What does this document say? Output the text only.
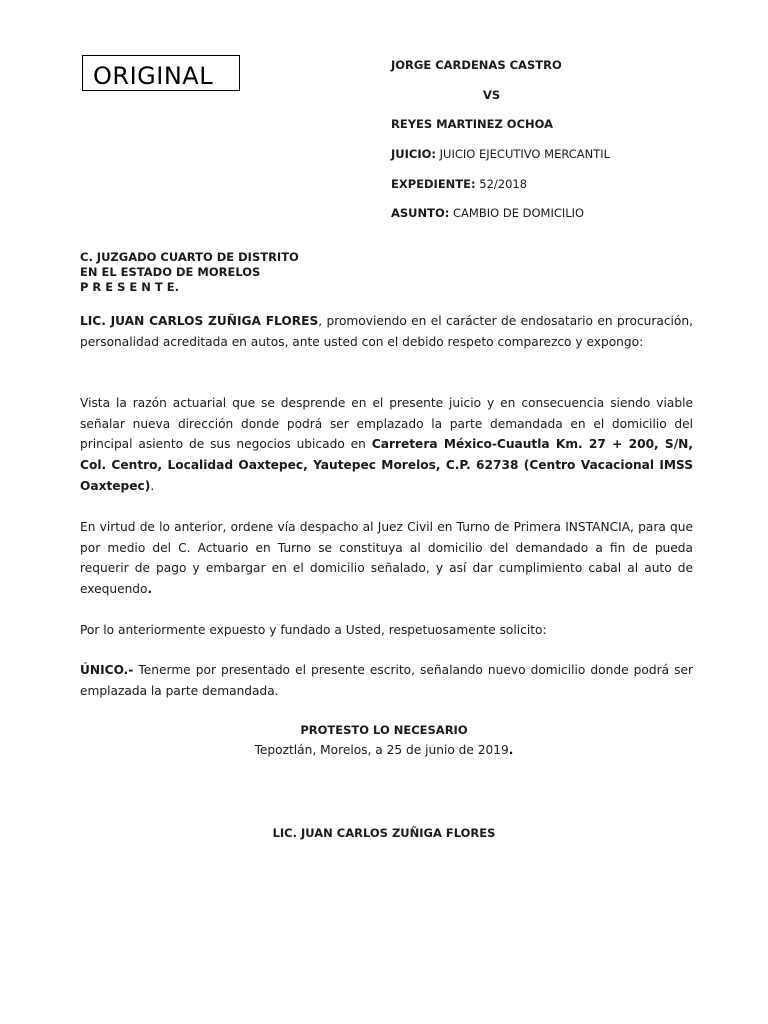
ORIGINAL	JORGE CARDENAS CASTRO
VS
REYES MARTINEZ OCHOA
JUICIO: JUICIO EJECUTIVO MERCANTIL
EXPEDIENTE: 52/2018
ASUNTO: CAMBIO DE DOMICILIO
C. JUZGADO CUARTO DE DISTRITO
EN EL ESTADO DE MORELOS
P R E S E N T E.
LIC. JUAN CARLOS ZUÑIGA FLORES, promoviendo en el carácter de endosatario en procuración, personalidad acreditada en autos, ante usted con el debido respeto comparezco y expongo:
Vista la razón actuarial que se desprende en el presente juicio y en consecuencia siendo viable señalar nueva dirección donde podrá ser emplazado la parte demandada en el domicilio del principal asiento de sus negocios ubicado en Carretera México-Cuautla Km. 27 + 200, S/N, Col. Centro, Localidad Oaxtepec, Yautepec Morelos, C.P. 62738 (Centro Vacacional IMSS Oaxtepec).
En virtud de lo anterior, ordene vía despacho al Juez Civil en Turno de Primera INSTANCIA, para que por medio del C. Actuario en Turno se constituya al domicilio del demandado a fin de pueda requerir de pago y embargar en el domicilio señalado, y así dar cumplimiento cabal al auto de exequendo.
Por lo anteriormente expuesto y fundado a Usted, respetuosamente solicito:
ÚNICO.- Tenerme por presentado el presente escrito, señalando nuevo domicilio donde podrá ser emplazada la parte demandada.
PROTESTO LO NECESARIO
Tepoztlán, Morelos, a 25 de junio de 2019.
LIC. JUAN CARLOS ZUÑIGA FLORES
